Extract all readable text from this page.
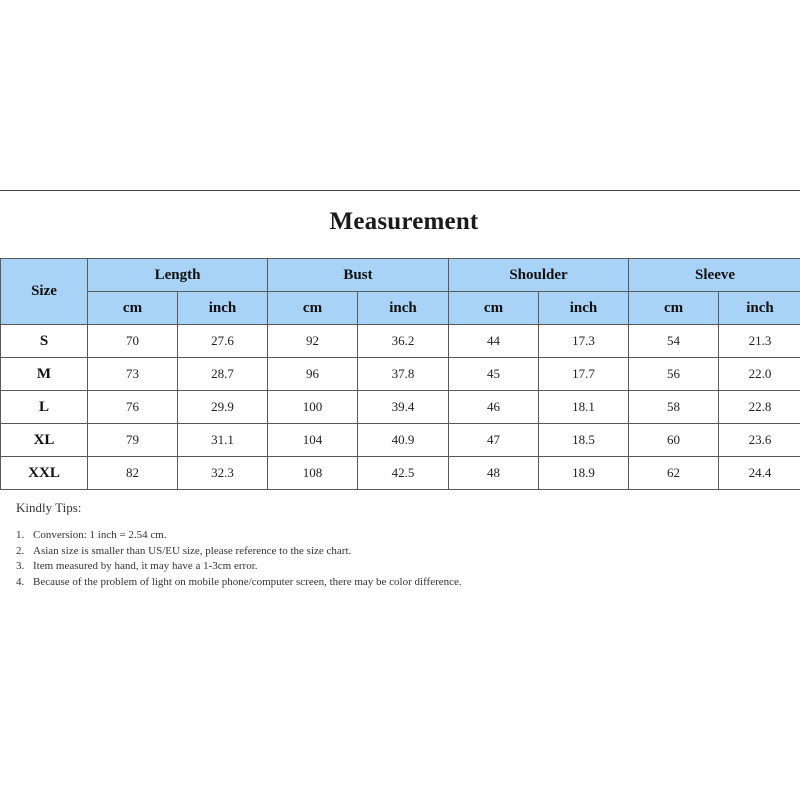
Measurement
Size	Length		Bust		Shoulder		Sleeve	
	cm	inch	cm	inch	cm	inch	cm	inch
S	70	27.6	92	36.2	44	17.3	54	21.3
M	73	28.7	96	37.8	45	17.7	56	22.0
L	76	29.9	100	39.4	46	18.1	58	22.8
XL	79	31.1	104	40.9	47	18.5	60	23.6
XXL	82	32.3	108	42.5	48	18.9	62	24.4

Kindly Tips:

1. Conversion: 1 inch = 2.54 cm.
2. Asian size is smaller than US/EU size, please reference to the size chart.
3. Item measured by hand, it may have a 1-3cm error.
4. Because of the problem of light on mobile phone/computer screen, there may be color difference.
